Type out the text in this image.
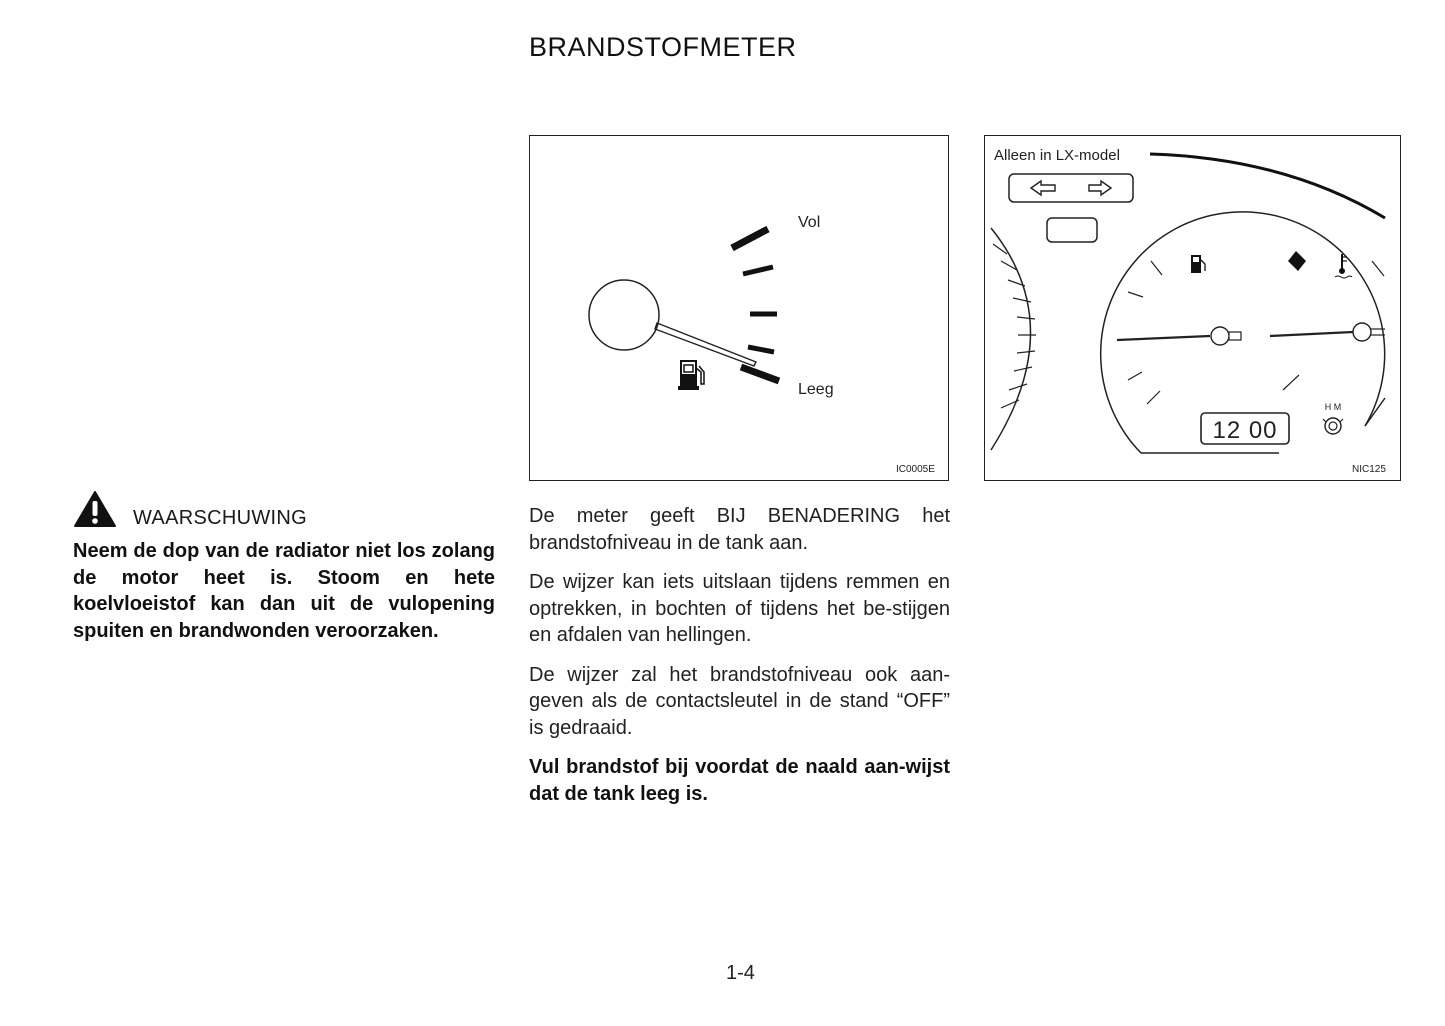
BRANDSTOFMETER
Vol
Leeg
IC0005E
Alleen in LX-model
12 00
H M
NIC125
WAARSCHUWING
Neem de dop van de radiator niet los zolang de motor heet is. Stoom en hete koelvloeistof kan dan uit de vulopening spuiten en brandwonden veroorzaken.

De meter geeft BIJ BENADERING het brandstofniveau in de tank aan.

De wijzer kan iets uitslaan tijdens remmen en optrekken, in bochten of tijdens het be-stijgen en afdalen van hellingen.

De wijzer zal het brandstofniveau ook aan-geven als de contactsleutel in de stand “OFF” is gedraaid.

Vul brandstof bij voordat de naald aan-wijst dat de tank leeg is.

1-4
